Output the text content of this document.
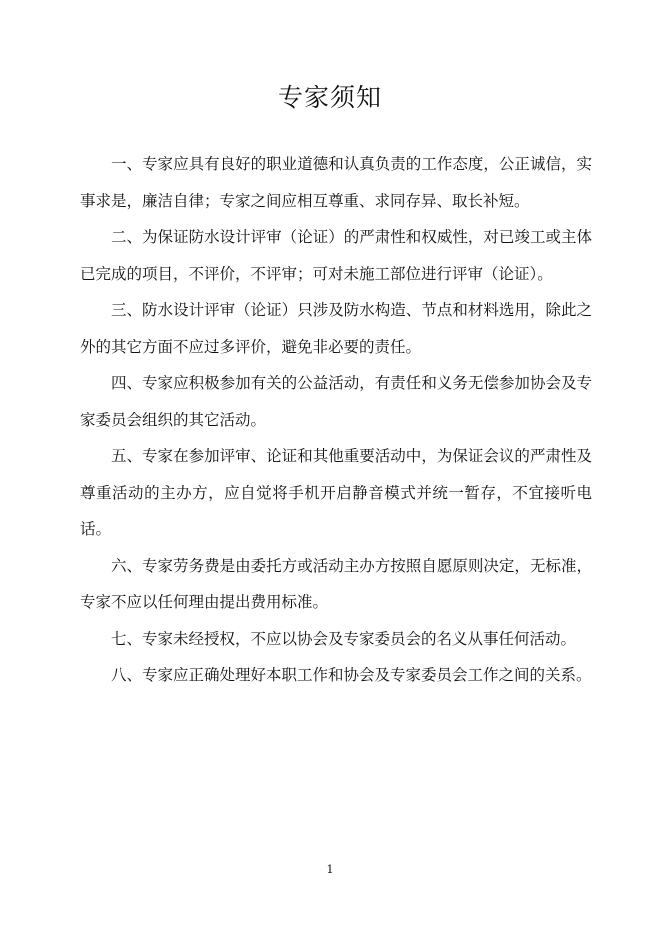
专家须知

一、专家应具有良好的职业道德和认真负责的工作态度，公正诚信，实事求是，廉洁自律；专家之间应相互尊重、求同存异、取长补短。

二、为保证防水设计评审（论证）的严肃性和权威性，对已竣工或主体已完成的项目，不评价，不评审；可对未施工部位进行评审（论证）。

三、防水设计评审（论证）只涉及防水构造、节点和材料选用，除此之外的其它方面不应过多评价，避免非必要的责任。

四、专家应积极参加有关的公益活动，有责任和义务无偿参加协会及专家委员会组织的其它活动。

五、专家在参加评审、论证和其他重要活动中，为保证会议的严肃性及尊重活动的主办方，应自觉将手机开启静音模式并统一暂存，不宜接听电话。

六、专家劳务费是由委托方或活动主办方按照自愿原则决定，无标准，专家不应以任何理由提出费用标准。

七、专家未经授权，不应以协会及专家委员会的名义从事任何活动。

八、专家应正确处理好本职工作和协会及专家委员会工作之间的关系。

1
